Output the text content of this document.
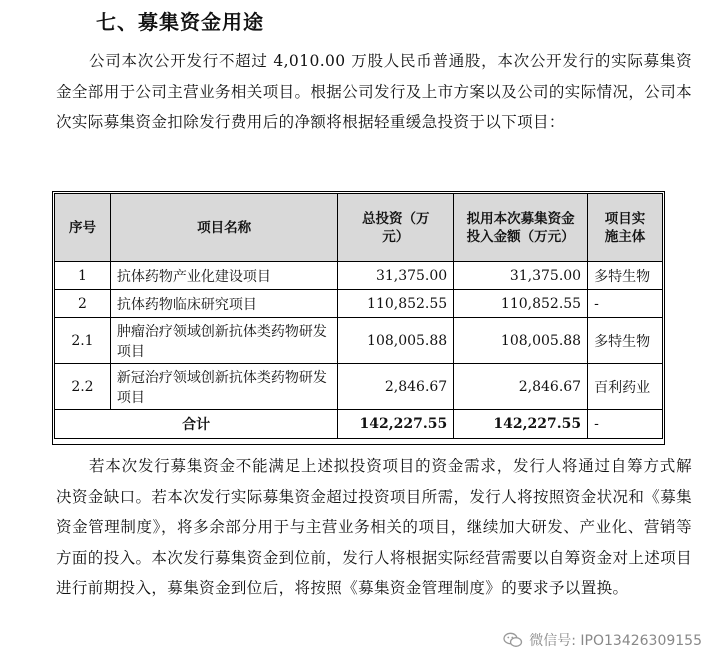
七、募集资金用途
公司本次公开发行不超过 4,010.00 万股人民币普通股，本次公开发行的实际募集资金全部用于公司主营业务相关项目。根据公司发行及上市方案以及公司的实际情况，公司本次实际募集资金扣除发行费用后的净额将根据轻重缓急投资于以下项目：
序号	项目名称	总投资（万元）	拟用本次募集资金投入金额（万元）	项目实施主体
1	抗体药物产业化建设项目	31,375.00	31,375.00	多特生物
2	抗体药物临床研究项目	110,852.55	110,852.55	-
2.1	肿瘤治疗领域创新抗体类药物研发项目	108,005.88	108,005.88	多特生物
2.2	新冠治疗领域创新抗体类药物研发项目	2,846.67	2,846.67	百利药业
合计		142,227.55	142,227.55	-
若本次发行募集资金不能满足上述拟投资项目的资金需求，发行人将通过自筹方式解决资金缺口。若本次发行实际募集资金超过投资项目所需，发行人将按照资金状况和《募集资金管理制度》，将多余部分用于与主营业务相关的项目，继续加大研发、产业化、营销等方面的投入。本次发行募集资金到位前，发行人将根据实际经营需要以自筹资金对上述项目进行前期投入，募集资金到位后，将按照《募集资金管理制度》的要求予以置换。
微信号: IPO13426309155
